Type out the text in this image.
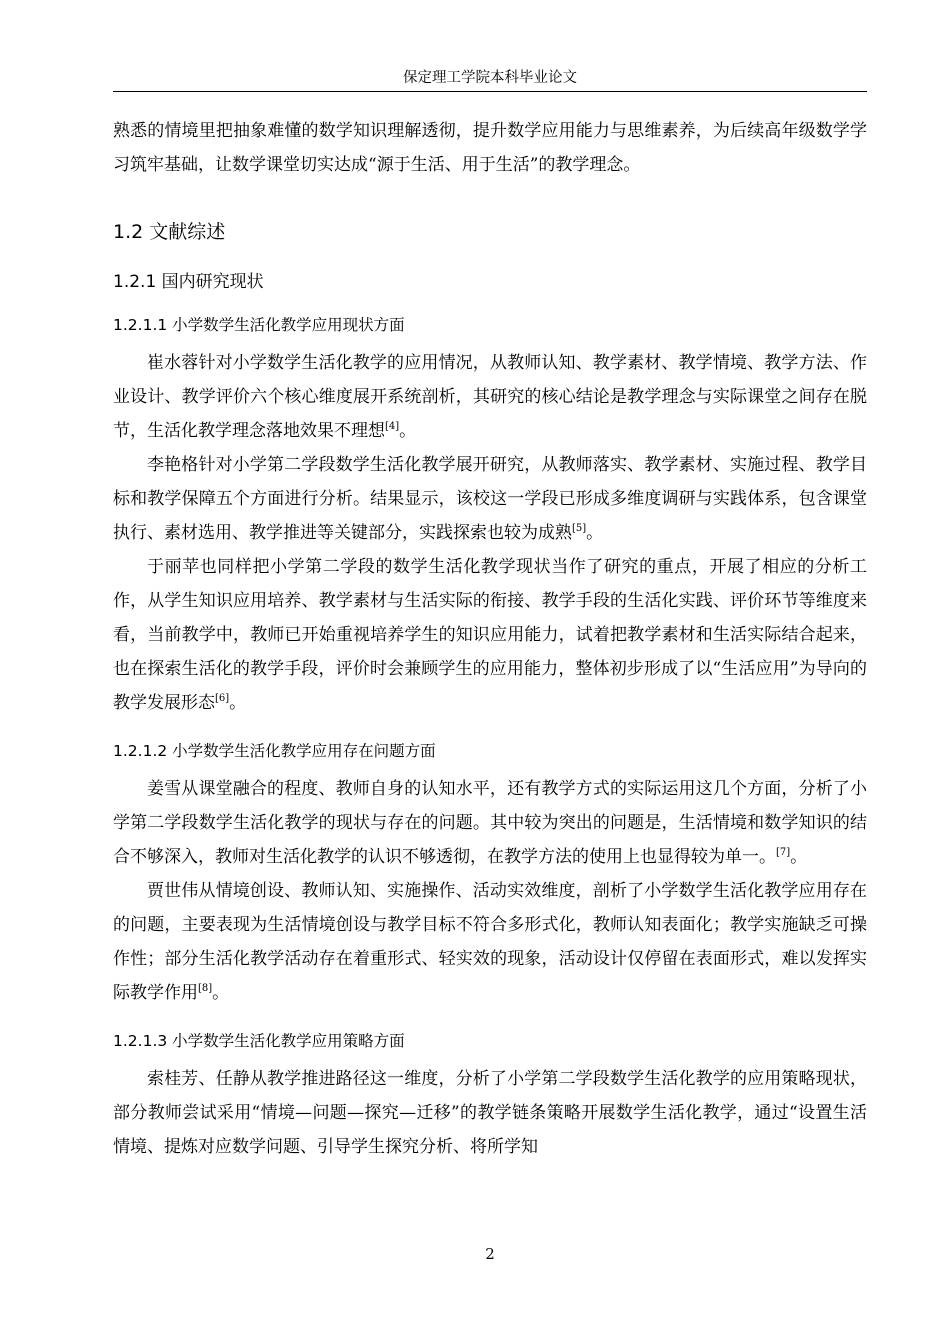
保定理工学院本科毕业论文

熟悉的情境里把抽象难懂的数学知识理解透彻，提升数学应用能力与思维素养，为后续高年级数学学习筑牢基础，让数学课堂切实达成“源于生活、用于生活”的教学理念。

1.2 文献综述

1.2.1 国内研究现状

1.2.1.1 小学数学生活化教学应用现状方面

崔水蓉针对小学数学生活化教学的应用情况，从教师认知、教学素材、教学情境、教学方法、作业设计、教学评价六个核心维度展开系统剖析，其研究的核心结论是教学理念与实际课堂之间存在脱节，生活化教学理念落地效果不理想[4]。

李艳格针对小学第二学段数学生活化教学展开研究，从教师落实、教学素材、实施过程、教学目标和教学保障五个方面进行分析。结果显示，该校这一学段已形成多维度调研与实践体系，包含课堂执行、素材选用、教学推进等关键部分，实践探索也较为成熟[5]。

于丽苹也同样把小学第二学段的数学生活化教学现状当作了研究的重点，开展了相应的分析工作，从学生知识应用培养、教学素材与生活实际的衔接、教学手段的生活化实践、评价环节等维度来看，当前教学中，教师已开始重视培养学生的知识应用能力，试着把教学素材和生活实际结合起来，也在探索生活化的教学手段，评价时会兼顾学生的应用能力，整体初步形成了以“生活应用”为导向的教学发展形态[6]。

1.2.1.2 小学数学生活化教学应用存在问题方面

姜雪从课堂融合的程度、教师自身的认知水平，还有教学方式的实际运用这几个方面，分析了小学第二学段数学生活化教学的现状与存在的问题。其中较为突出的问题是，生活情境和数学知识的结合不够深入，教师对生活化教学的认识不够透彻，在教学方法的使用上也显得较为单一。[7]。

贾世伟从情境创设、教师认知、实施操作、活动实效维度，剖析了小学数学生活化教学应用存在的问题，主要表现为生活情境创设与教学目标不符合多形式化，教师认知表面化；教学实施缺乏可操作性；部分生活化教学活动存在着重形式、轻实效的现象，活动设计仅停留在表面形式，难以发挥实际教学作用[8]。

1.2.1.3 小学数学生活化教学应用策略方面

索桂芳、任静从教学推进路径这一维度，分析了小学第二学段数学生活化教学的应用策略现状，部分教师尝试采用“情境—问题—探究—迁移”的教学链条策略开展数学生活化教学，通过“设置生活情境、提炼对应数学问题、引导学生探究分析、将所学知

2
